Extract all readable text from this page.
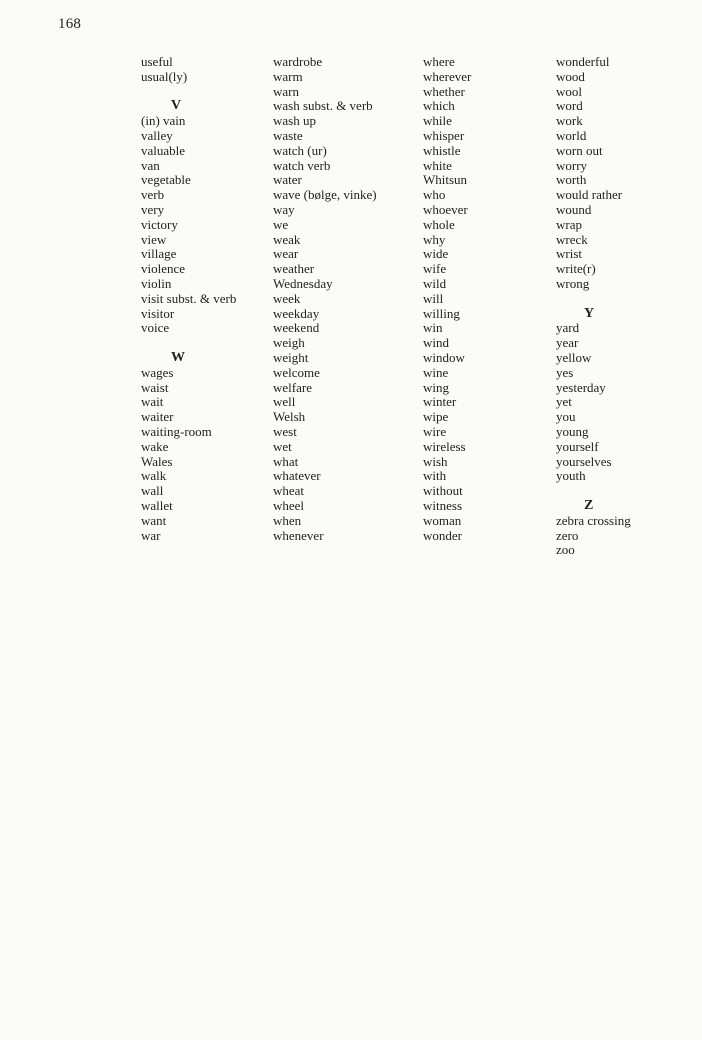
168
useful
usual(ly)
V
(in) vain
valley
valuable
van
vegetable
verb
very
victory
view
village
violence
violin
visit subst. & verb
visitor
voice
W
wages
waist
wait
waiter
waiting-room
wake
Wales
walk
wall
wallet
want
war
wardrobe
warm
warn
wash subst. & verb
wash up
waste
watch (ur)
watch verb
water
wave (bølge, vinke)
way
we
weak
wear
weather
Wednesday
week
weekday
weekend
weigh
weight
welcome
welfare
well
Welsh
west
wet
what
whatever
wheat
wheel
when
whenever
where
wherever
whether
which
while
whisper
whistle
white
Whitsun
who
whoever
whole
why
wide
wife
wild
will
willing
win
wind
window
wine
wing
winter
wipe
wire
wireless
wish
with
without
witness
woman
wonder
wonderful
wood
wool
word
work
world
worn out
worry
worth
would rather
wound
wrap
wreck
wrist
write(r)
wrong
Y
yard
year
yellow
yes
yesterday
yet
you
young
yourself
yourselves
youth
Z
zebra crossing
zero
zoo
